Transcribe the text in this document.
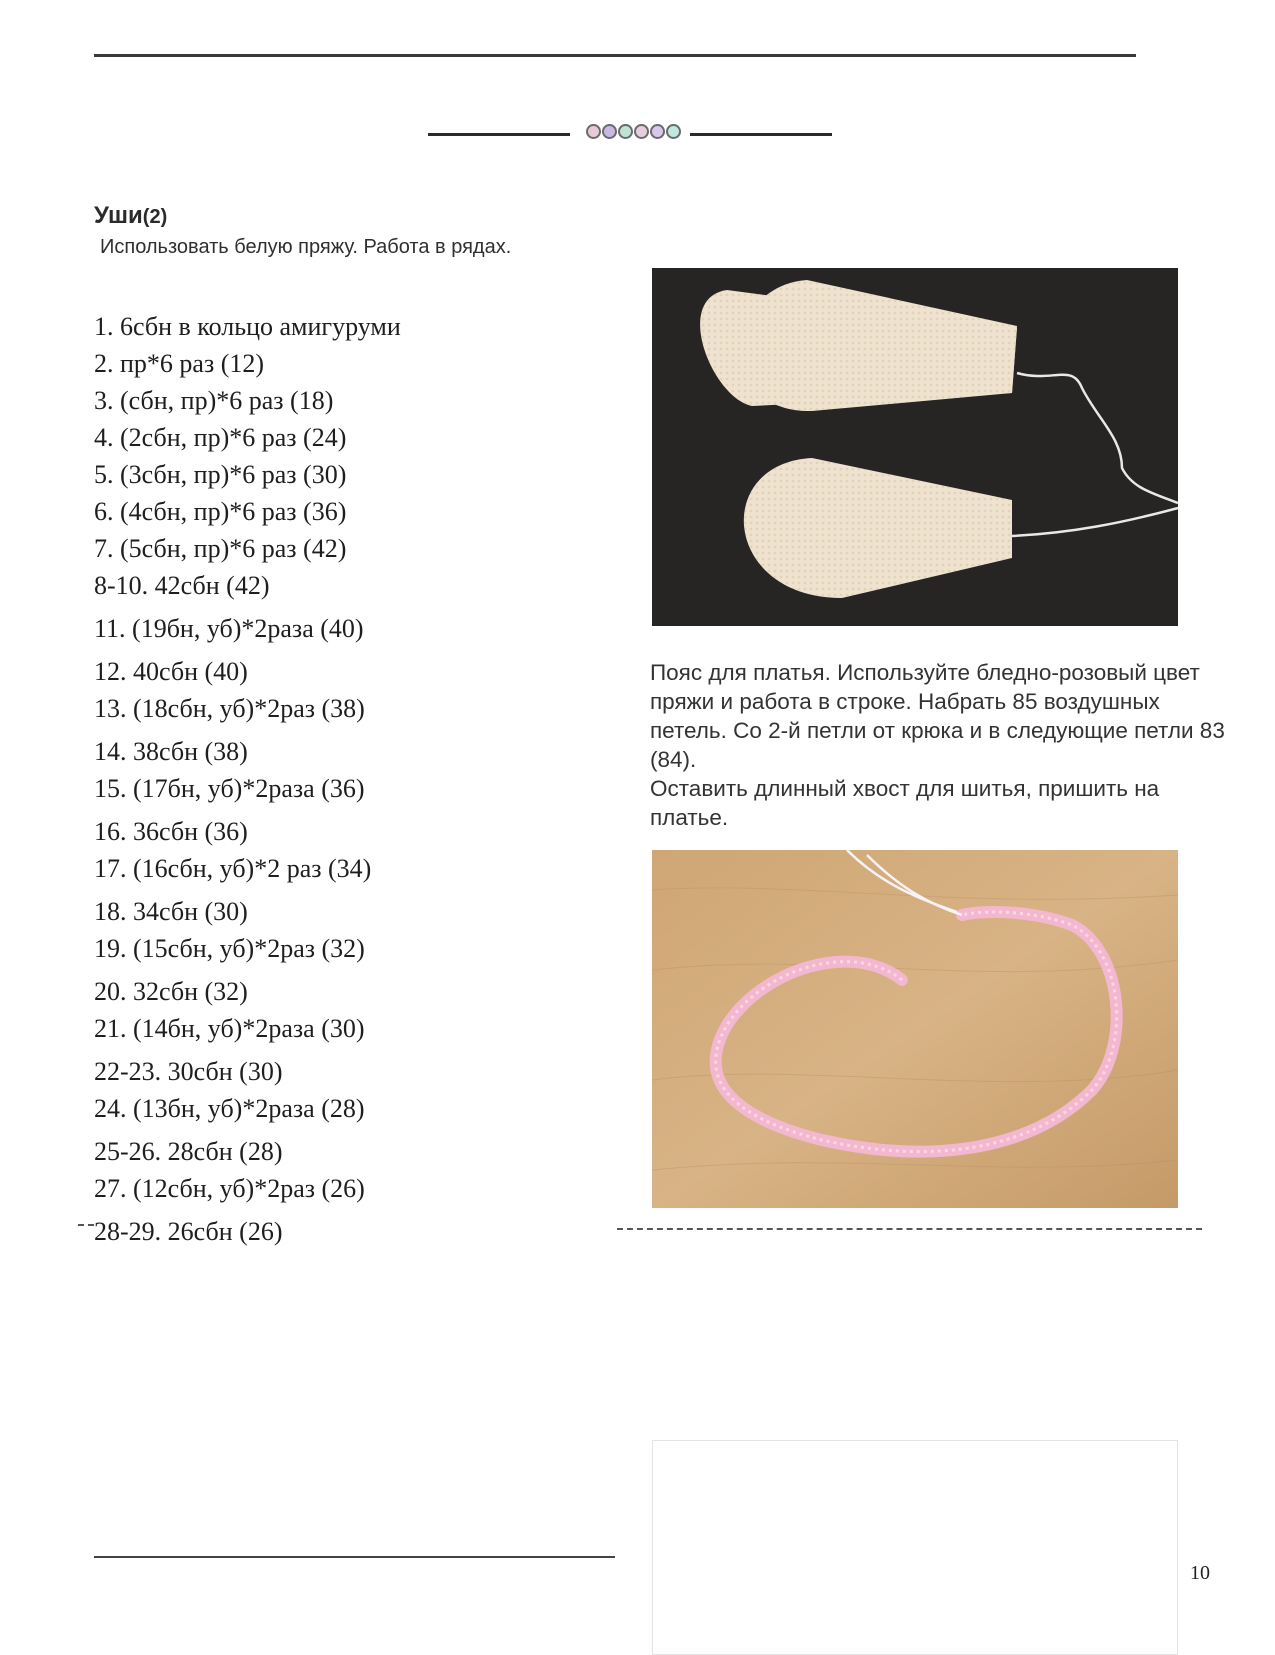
Уши(2)
Использовать белую пряжу. Работа в рядах.
1. 6сбн в кольцо амигуруми
2. пр*6 раз (12)
3. (сбн, пр)*6 раз (18)
4. (2сбн, пр)*6 раз (24)
5. (3сбн, пр)*6 раз (30)
6. (4сбн, пр)*6 раз (36)
7. (5сбн, пр)*6 раз (42)
8-10. 42сбн (42)
11. (19бн, уб)*2раза (40)
12. 40сбн (40)
13. (18сбн, уб)*2раз (38)
14. 38сбн (38)
15. (17бн, уб)*2раза (36)
16. 36сбн (36)
17. (16сбн, уб)*2 раз (34)
18. 34сбн (30)
19. (15сбн, уб)*2раз (32)
20. 32сбн (32)
21. (14бн, уб)*2раза (30)
22-23. 30сбн (30)
24. (13бн, уб)*2раза (28)
25-26. 28сбн (28)
27. (12сбн, уб)*2раз (26)
28-29. 26сбн (26)

Пояс для платья. Используйте бледно-розовый цвет пряжи и работа в строке. Набрать 85 воздушных петель. Со 2-й петли от крюка и в следующие петли 83 (84).

Оставить длинный хвост для шитья, пришить на платье.

10
